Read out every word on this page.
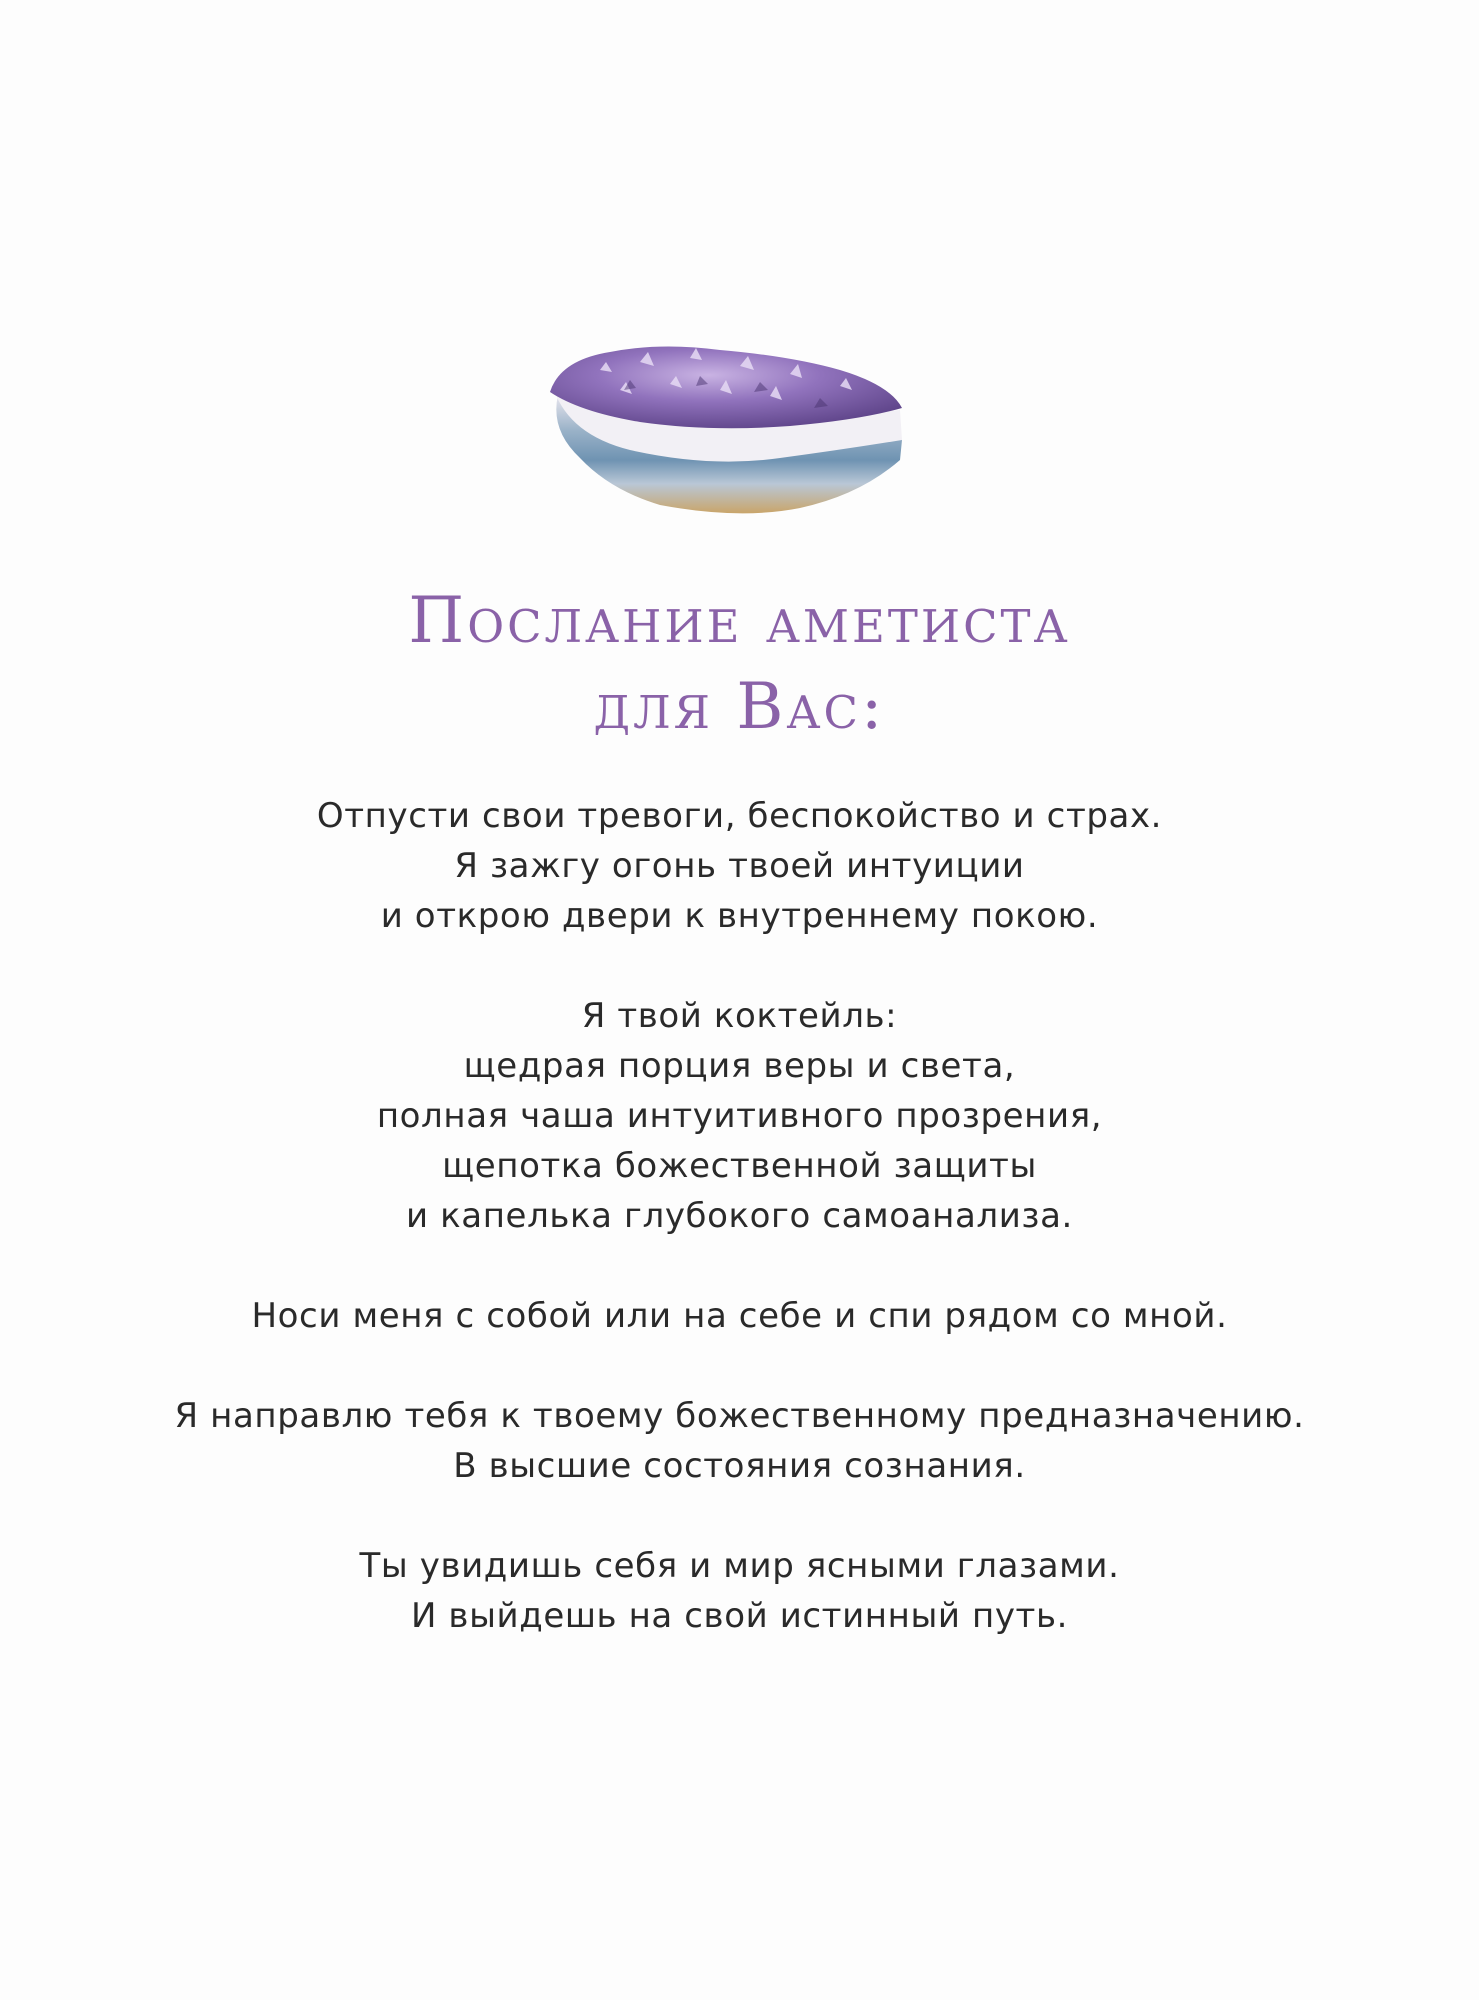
Послание аметиста
для Вас:
Отпусти свои тревоги, беспокойство и страх.
Я зажгу огонь твоей интуиции
и открою двери к внутреннему покою.
Я твой коктейль:
щедрая порция веры и света,
полная чаша интуитивного прозрения,
щепотка божественной защиты
и капелька глубокого самоанализа.
Носи меня с собой или на себе и спи рядом со мной.
Я направлю тебя к твоему божественному предназначению.
В высшие состояния сознания.
Ты увидишь себя и мир ясными глазами.
И выйдешь на свой истинный путь.
